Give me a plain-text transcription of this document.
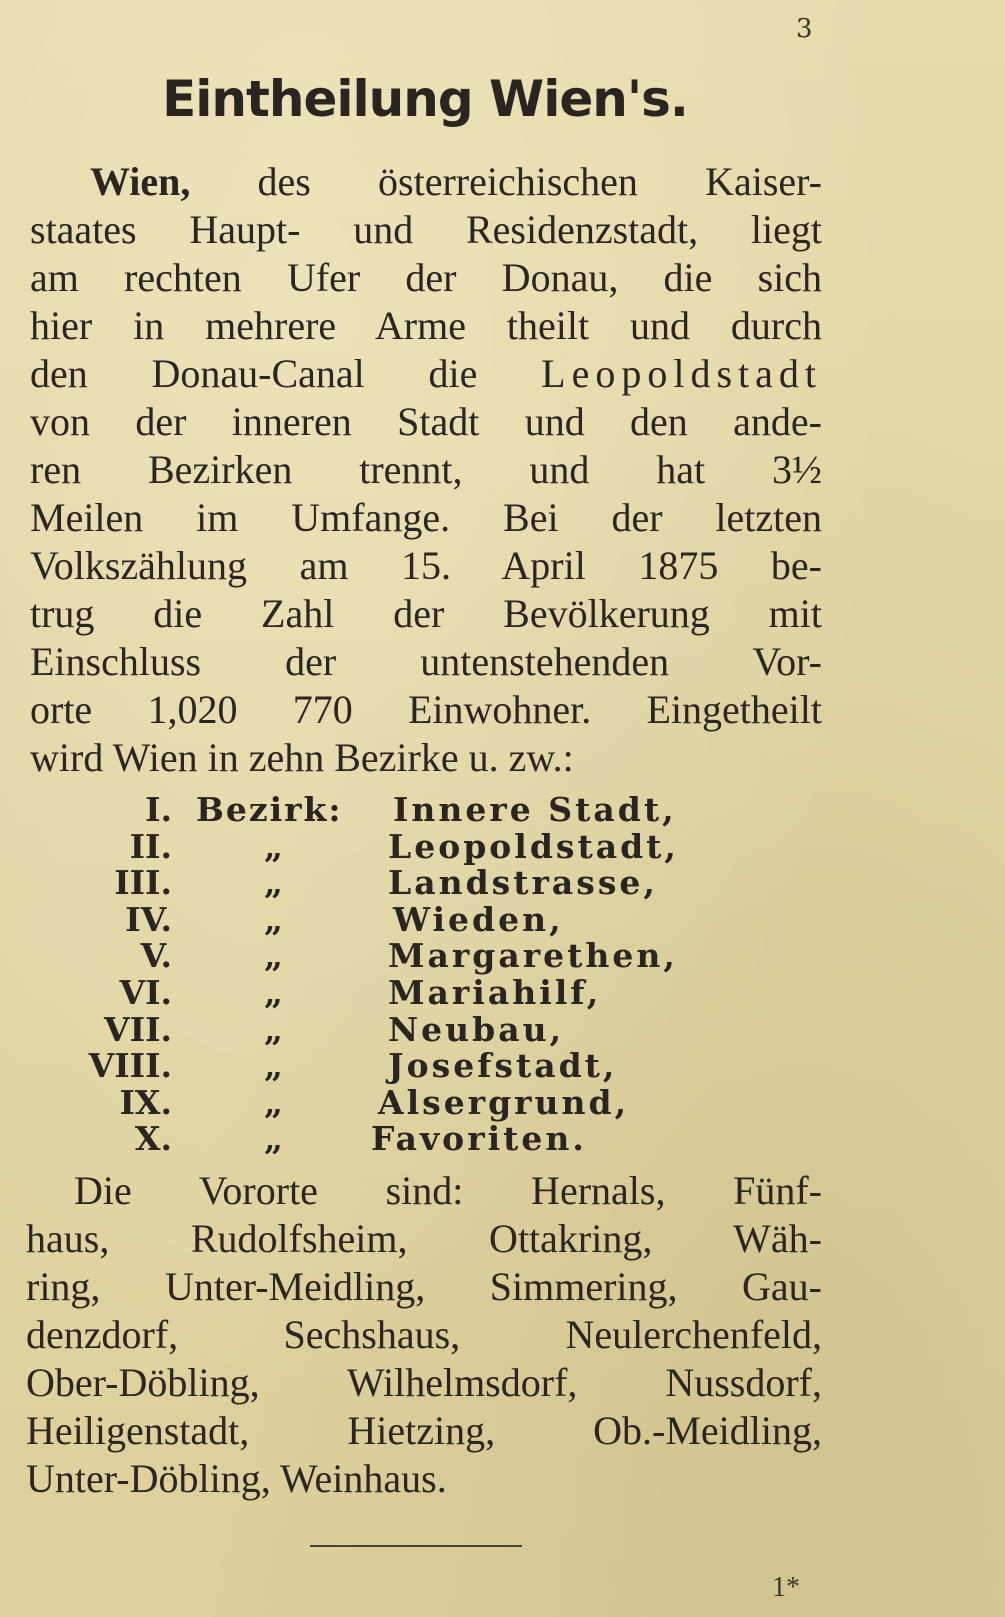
3
Eintheilung Wien's.
Wien, des österreichischen Kaiser-
staates Haupt- und Residenzstadt, liegt
am rechten Ufer der Donau, die sich
hier in mehrere Arme theilt und durch
den Donau-Canal die Leopoldstadt
von der inneren Stadt und den ande-
ren Bezirken trennt, und hat 3½
Meilen im Umfange. Bei der letzten
Volkszählung am 15. April 1875 be-
trug die Zahl der Bevölkerung mit
Einschluss der untenstehenden Vor-
orte 1,020 770 Einwohner. Eingetheilt
wird Wien in zehn Bezirke u. zw.:
I. Bezirk: Innere Stadt,
II.	„	Leopoldstadt,
III.	„	Landstrasse,
IV.	„	Wieden,
V.	„	Margarethen,
VI.	„	Mariahilf,
VII.	„	Neubau,
VIII.	„	Josefstadt,
IX.	„	Alsergrund,
X.	„	Favoriten.
Die Vororte sind: Hernals, Fünf-
haus, Rudolfsheim, Ottakring, Wäh-
ring, Unter-Meidling, Simmering, Gau-
denzdorf, Sechshaus, Neulerchenfeld,
Ober-Döbling, Wilhelmsdorf, Nussdorf,
Heiligenstadt, Hietzing, Ob.-Meidling,
Unter-Döbling, Weinhaus.
1*
